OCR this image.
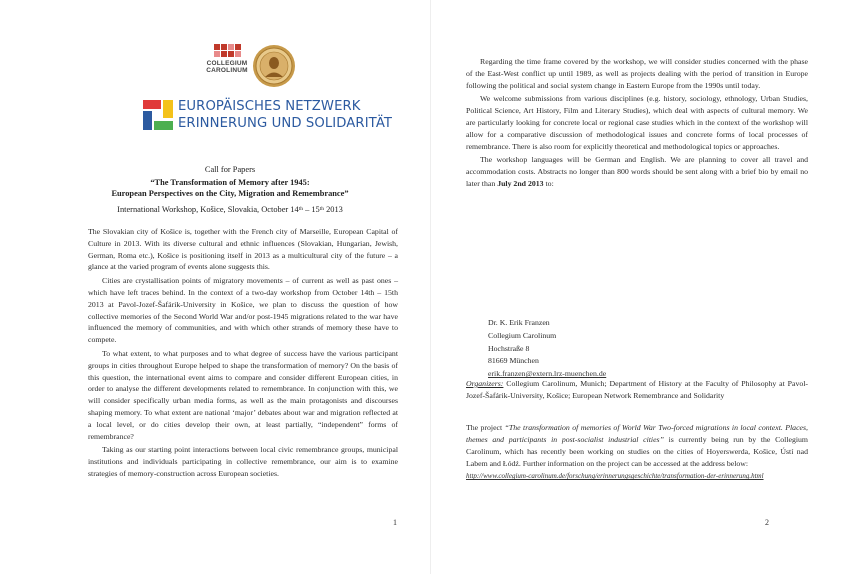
COLLEGIUM
CAROLINUM
EUROPÄISCHES NETZWERK
ERINNERUNG UND SOLIDARITÄT
Call for Papers
“The Transformation of Memory after 1945:
European Perspectives on the City, Migration and Remembrance”
International Workshop, Košice, Slovakia, October 14th – 15th 2013

The Slovakian city of Košice is, together with the French city of Marseille, European Capital of Culture in 2013. With its diverse cultural and ethnic influences (Slovakian, Hungarian, Jewish, German, Roma etc.), Košice is positioning itself in 2013 as a multicultural city of the future – a glance at the varied program of events alone suggests this.

Cities are crystallisation points of migratory movements – of current as well as past ones – which have left traces behind. In the context of a two-day workshop from October 14th – 15th 2013 at Pavol-Jozef-Šafárik-University in Košice, we plan to discuss the question of how collective memories of the Second World War and/or post-1945 migrations related to the war have influenced the memory of communities, and with which other strands of memory these have to compete.

To what extent, to what purposes and to what degree of success have the various participant groups in cities throughout Europe helped to shape the transformation of memory? On the basis of this question, the international event aims to compare and consider different European cities, in order to analyse the different developments related to remembrance. In conjunction with this, we will consider specifically urban media forms, as well as the main protagonists and discourses shaping memory. To what extent are national ‘major’ debates about war and migration reflected at a local level, or do cities develop their own, at least partially, “independent” forms of remembrance?

Taking as our starting point interactions between local civic remembrance groups, municipal institutions and individuals participating in collective remembrance, our aim is to examine strategies of memory-construction across European societies.

1

Regarding the time frame covered by the workshop, we will consider studies concerned with the phase of the East-West conflict up until 1989, as well as projects dealing with the period of transition in Europe following the political and social system change in Eastern Europe from the 1990s until today.

We welcome submissions from various disciplines (e.g. history, sociology, ethnology, Urban Studies, Political Science, Art History, Film and Literary Studies), which deal with aspects of cultural memory. We are particularly looking for concrete local or regional case studies which in the context of the workshop will allow for a comparative discussion of methodological issues and concrete forms of local processes of remembrance. There is also room for explicitly theoretical and methodological topics or approaches.

The workshop languages will be German and English. We are planning to cover all travel and accommodation costs. Abstracts no longer than 800 words should be sent along with a brief bio by email no later than July 2nd 2013 to:

Dr. K. Erik Franzen
Collegium Carolinum
Hochstraße 8
81669 München
erik.franzen@extern.lrz-muenchen.de
Organizers: Collegium Carolinum, Munich; Department of History at the Faculty of Philosophy at Pavol-Jozef-Šafárik-University, Košice; European Network Remembrance and Solidarity
The project “The transformation of memories of World War Two-forced migrations in local context. Places, themes and participants in post-socialist industrial cities” is currently being run by the Collegium Carolinum, which has recently been working on studies on the cities of Hoyerswerda, Košice, Ústí nad Labem and Łódź. Further information on the project can be accessed at the address below:
http://www.collegium-carolinum.de/forschung/erinnerungsgeschichte/transformation-der-erinnerung.html
2
